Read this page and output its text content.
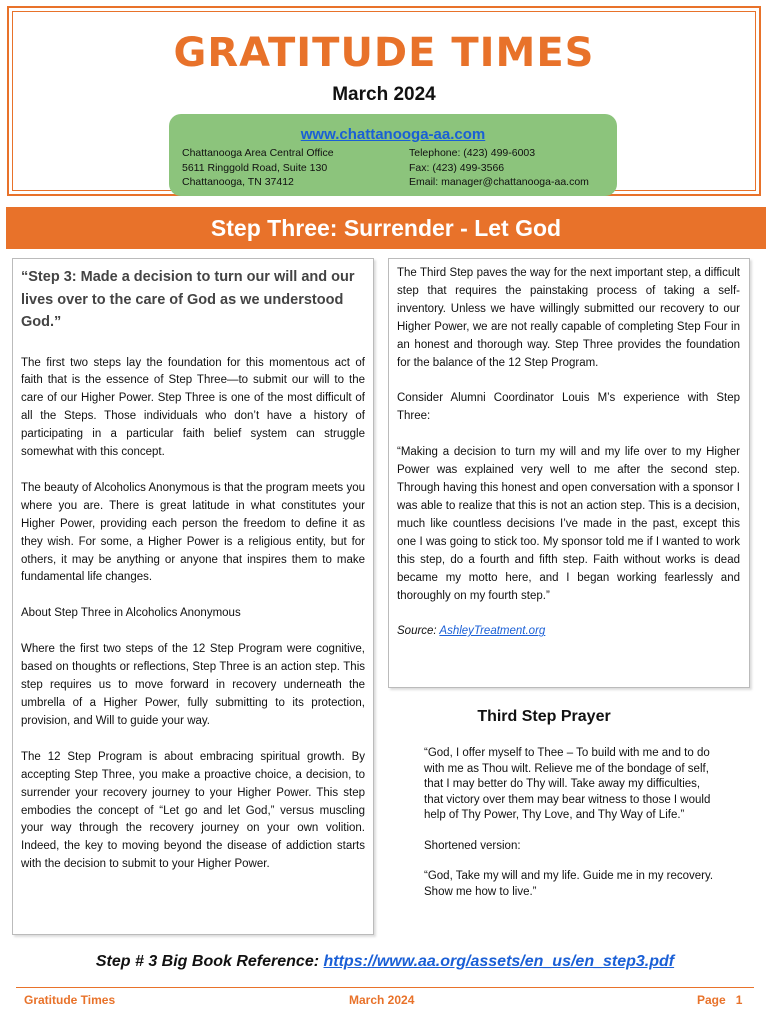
GRATITUDE TIMES
March 2024
www.chattanooga-aa.com
Chattanooga Area Central Office
5611 Ringgold Road, Suite 130
Chattanooga, TN 37412
Telephone: (423) 499-6003
Fax: (423) 499-3566
Email: manager@chattanooga-aa.com
Step Three: Surrender - Let God

“Step 3: Made a decision to turn our will and our lives over to the care of God as we understood God.”

The first two steps lay the foundation for this momentous act of faith that is the essence of Step Three—to submit our will to the care of our Higher Power. Step Three is one of the most difficult of all the Steps. Those individuals who don’t have a history of participating in a particular faith belief system can struggle somewhat with this concept.

The beauty of Alcoholics Anonymous is that the program meets you where you are. There is great latitude in what constitutes your Higher Power, providing each person the freedom to define it as they wish. For some, a Higher Power is a religious entity, but for others, it may be anything or anyone that inspires them to make fundamental life changes.

About Step Three in Alcoholics Anonymous

Where the first two steps of the 12 Step Program were cognitive, based on thoughts or reflections, Step Three is an action step. This step requires us to move forward in recovery underneath the umbrella of a Higher Power, fully submitting to its protection, provision, and Will to guide your way.

The 12 Step Program is about embracing spiritual growth. By accepting Step Three, you make a proactive choice, a decision, to surrender your recovery journey to your Higher Power. This step embodies the concept of “Let go and let God,” versus muscling your way through the recovery journey on your own volition. Indeed, the key to moving beyond the disease of addiction starts with the decision to submit to your Higher Power.

The Third Step paves the way for the next important step, a difficult step that requires the painstaking process of taking a self-inventory. Unless we have willingly submitted our recovery to our Higher Power, we are not really capable of completing Step Four in an honest and thorough way. Step Three provides the foundation for the balance of the 12 Step Program.

Consider Alumni Coordinator Louis M’s experience with Step Three:

“Making a decision to turn my will and my life over to my Higher Power was explained very well to me after the second step. Through having this honest and open conversation with a sponsor I was able to realize that this is not an action step. This is a decision, much like countless decisions I’ve made in the past, except this one I was going to stick too. My sponsor told me if I wanted to work this step, do a fourth and fifth step. Faith without works is dead became my motto here, and I began working fearlessly and thoroughly on my fourth step.”

Source: AshleyTreatment.org

Third Step Prayer

“God, I offer myself to Thee – To build with me and to do with me as Thou wilt. Relieve me of the bondage of self, that I may better do Thy will. Take away my difficulties, that victory over them may bear witness to those I would help of Thy Power, Thy Love, and Thy Way of Life.”

Shortened version:

“God, Take my will and my life. Guide me in my recovery. Show me how to live.”

Step # 3 Big Book Reference: https://www.aa.org/assets/en_us/en_step3.pdf
Gratitude Times	March 2024	Page 1
